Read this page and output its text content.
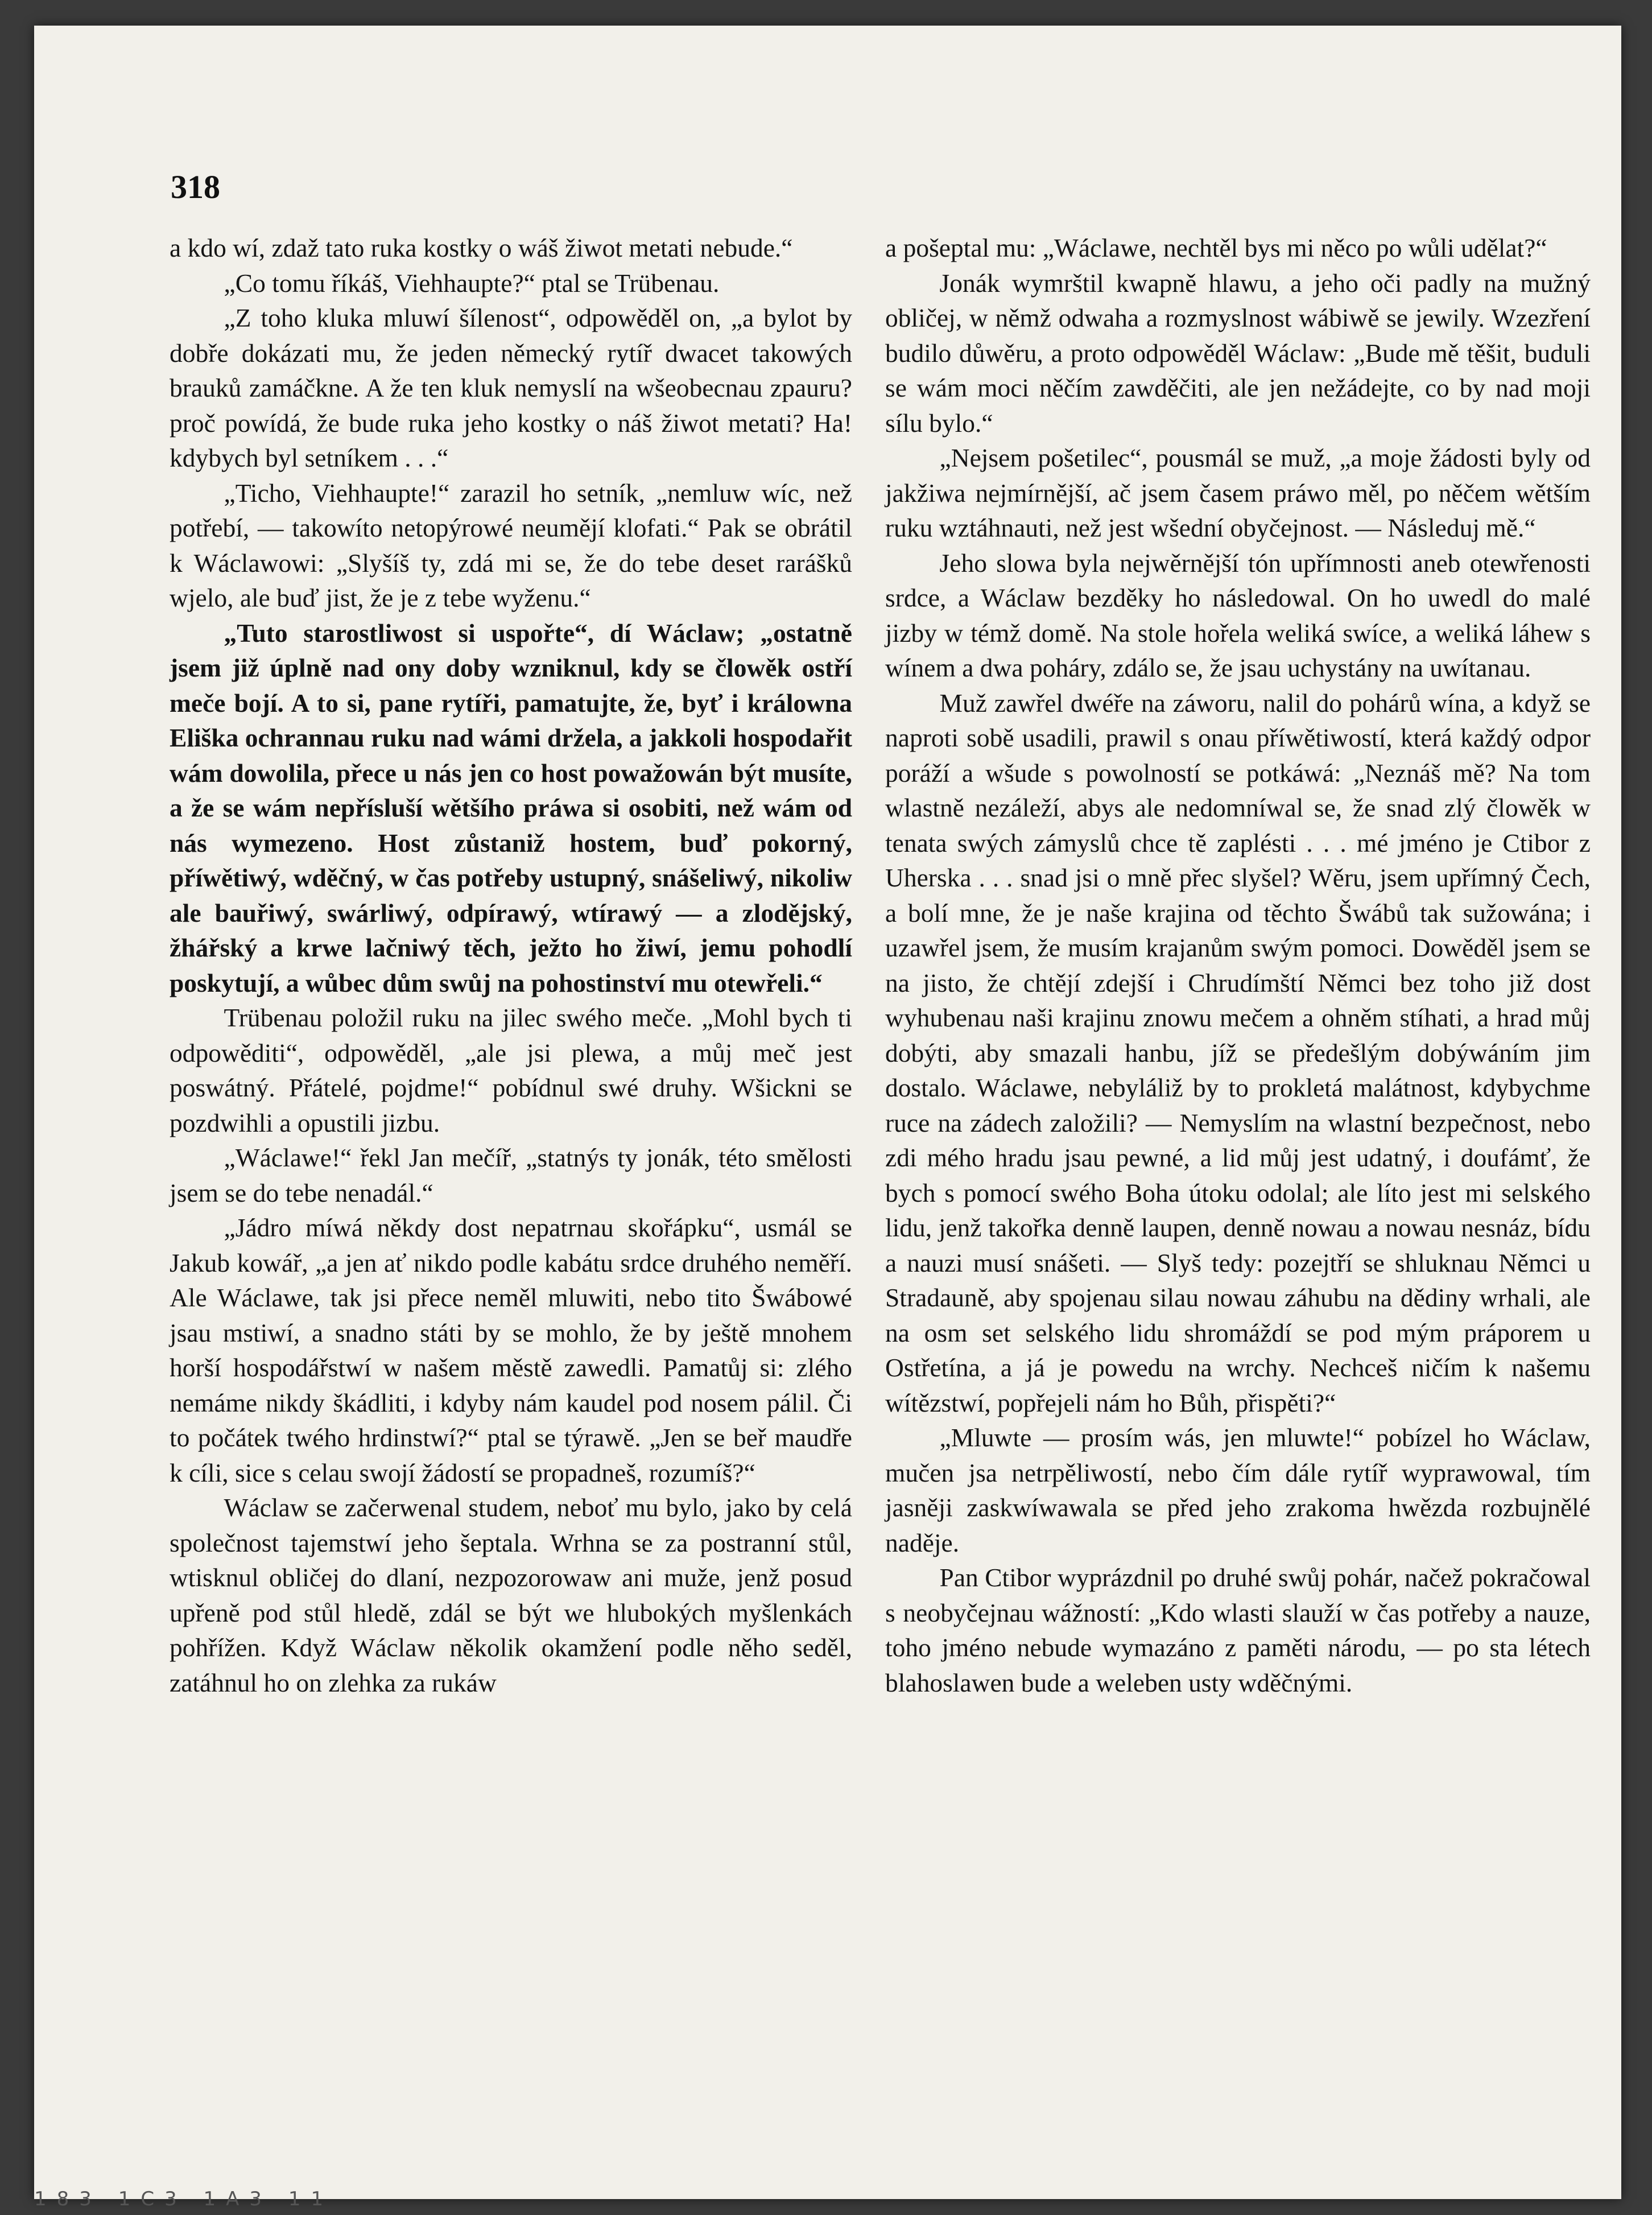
318

a kdo wí, zdaž tato ruka kostky o wáš žiwot metati nebude.“

„Co tomu říkáš, Viehhaupte?“ ptal se Trübenau.

„Z toho kluka mluwí šílenost“, odpowěděl on, „a bylot by dobře dokázati mu, že jeden německý rytíř dwacet takowých brauků zamáčkne. A že ten kluk nemyslí na wšeobecnau zpauru? proč powídá, že bude ruka jeho kostky o náš žiwot metati? Ha! kdybych byl setníkem . . .“

„Ticho, Viehhaupte!“ zarazil ho setník, „nemluw wíc, než potřebí, — takowíto netopýrowé neumějí klofati.“ Pak se obrátil k Wáclawowi: „Slyšíš ty, zdá mi se, že do tebe deset rarášků wjelo, ale buď jist, že je z tebe wyženu.“

„Tuto starostliwost si uspořte“, dí Wáclaw; „ostatně jsem již úplně nad ony doby wzniknul, kdy se člowěk ostří meče bojí. A to si, pane rytíři, pamatujte, že, byť i králowna Eliška ochrannau ruku nad wámi držela, a jakkoli hospodařit wám dowolila, přece u nás jen co host powažowán být musíte, a že se wám nepřísluší wětšího práwa si osobiti, než wám od nás wymezeno. Host zůstaniž hostem, buď pokorný, příwětiwý, wděčný, w čas potřeby ustupný, snášeliwý, nikoliw ale bauřiwý, swárliwý, odpírawý, wtírawý — a zlodějský, žhářský a krwe lačniwý těch, ježto ho žiwí, jemu pohodlí poskytují, a wůbec dům swůj na pohostinství mu otewřeli.“

Trübenau položil ruku na jilec swého meče. „Mohl bych ti odpowěditi“, odpowěděl, „ale jsi plewa, a můj meč jest poswátný. Přátelé, pojdme!“ pobídnul swé druhy. Wšickni se pozdwihli a opustili jizbu.

„Wáclawe!“ řekl Jan mečíř, „statnýs ty jonák, této smělosti jsem se do tebe nenadál.“

„Jádro míwá někdy dost nepatrnau skořápku“, usmál se Jakub kowář, „a jen ať nikdo podle kabátu srdce druhého neměří. Ale Wáclawe, tak jsi přece neměl mluwiti, nebo tito Šwábowé jsau mstiwí, a snadno státi by se mohlo, že by ještě mnohem horší hospodářstwí w našem městě zawedli. Pamatůj si: zlého nemáme nikdy škádliti, i kdyby nám kaudel pod nosem pálil. Či to počátek twého hrdinstwí?“ ptal se týrawě. „Jen se beř maudře k cíli, sice s celau swojí žádostí se propadneš, rozumíš?“

Wáclaw se začerwenal studem, neboť mu bylo, jako by celá společnost tajemstwí jeho šeptala. Wrhna se za postranní stůl, wtisknul obličej do dlaní, nezpozorowaw ani muže, jenž posud upřeně pod stůl hledě, zdál se být we hlubokých myšlenkách pohřížen. Když Wáclaw několik okamžení podle něho seděl, zatáhnul ho on zlehka za rukáw

a pošeptal mu: „Wáclawe, nechtěl bys mi něco po wůli udělat?“

Jonák wymrštil kwapně hlawu, a jeho oči padly na mužný obličej, w němž odwaha a rozmyslnost wábiwě se jewily. Wzezření budilo důwěru, a proto odpowěděl Wáclaw: „Bude mě těšit, buduli se wám moci něčím zawděčiti, ale jen nežádejte, co by nad moji sílu bylo.“

„Nejsem pošetilec“, pousmál se muž, „a moje žádosti byly od jakžiwa nejmírnější, ač jsem časem práwo měl, po něčem wětším ruku wztáhnauti, než jest wšední obyčejnost. — Následuj mě.“

Jeho slowa byla nejwěrnější tón upřímnosti aneb otewřenosti srdce, a Wáclaw bezděky ho následowal. On ho uwedl do malé jizby w témž domě. Na stole hořela weliká swíce, a weliká láhew s wínem a dwa poháry, zdálo se, že jsau uchystány na uwítanau.

Muž zawřel dwéře na záworu, nalil do pohárů wína, a když se naproti sobě usadili, prawil s onau příwětiwostí, která každý odpor poráží a wšude s powolností se potkáwá: „Neznáš mě? Na tom wlastně nezáleží, abys ale nedomníwal se, že snad zlý člowěk w tenata swých zámyslů chce tě zaplésti . . . mé jméno je Ctibor z Uherska . . . snad jsi o mně přec slyšel? Wěru, jsem upřímný Čech, a bolí mne, že je naše krajina od těchto Šwábů tak sužowána; i uzawřel jsem, že musím krajanům swým pomoci. Dowěděl jsem se na jisto, že chtějí zdejší i Chrudímští Němci bez toho již dost wyhubenau naši krajinu znowu mečem a ohněm stíhati, a hrad můj dobýti, aby smazali hanbu, jíž se předešlým dobýwáním jim dostalo. Wáclawe, nebyláliž by to prokletá malátnost, kdybychme ruce na zádech založili? — Nemyslím na wlastní bezpečnost, nebo zdi mého hradu jsau pewné, a lid můj jest udatný, i doufámť, že bych s pomocí swého Boha útoku odolal; ale líto jest mi selského lidu, jenž takořka denně laupen, denně nowau a nowau nesnáz, bídu a nauzi musí snášeti. — Slyš tedy: pozejtří se shluknau Němci u Stradauně, aby spojenau silau nowau záhubu na dědiny wrhali, ale na osm set selského lidu shromáždí se pod mým práporem u Ostřetína, a já je powedu na wrchy. Nechceš ničím k našemu wítězstwí, popřejeli nám ho Bůh, přispěti?“

„Mluwte — prosím wás, jen mluwte!“ pobízel ho Wáclaw, mučen jsa netrpěliwostí, nebo čím dále rytíř wyprawowal, tím jasněji zaskwíwawala se před jeho zrakoma hwězda rozbujnělé naděje.

Pan Ctibor wyprázdnil po druhé swůj pohár, načež pokračowal s neobyčejnau wážností: „Kdo wlasti slauží w čas potřeby a nauze, toho jméno nebude wymazáno z paměti národu, — po sta létech blahoslawen bude a weleben usty wděčnými.

183 1C3 1A3 11
